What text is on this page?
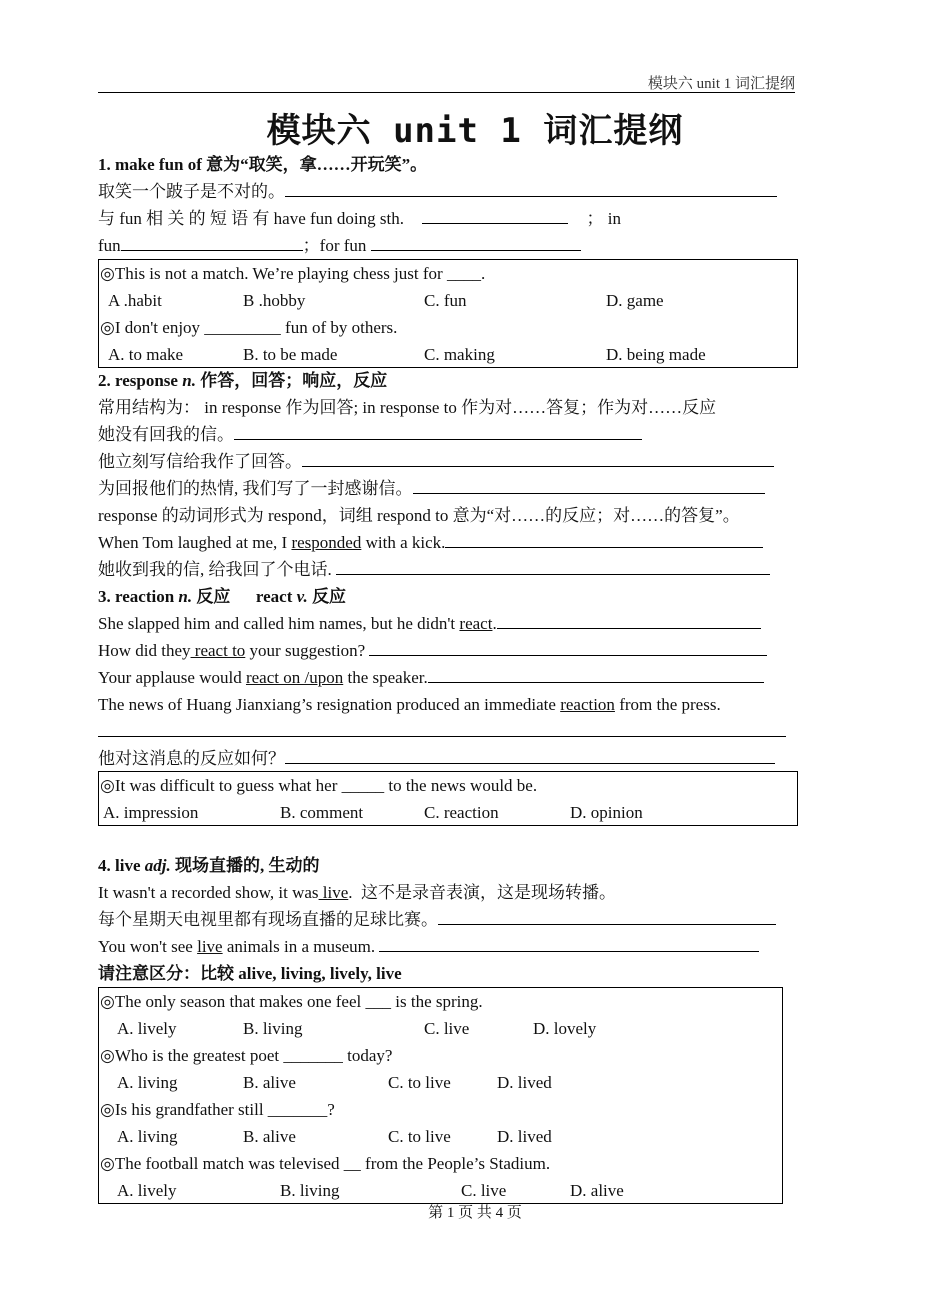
模块六 unit 1 词汇提纲
模块六 unit 1 词汇提纲
1. make fun of 意为“取笑，拿……开玩笑”。
取笑一个跛子是不对的。
与 fun 相 关 的 短 语 有 have fun doing sth.	； in
fun	；for fun
◎This is not a match. We’re playing chess just for ____.
A .habit	B .hobby	C. fun	D. game
◎I don't enjoy _________ fun of by others.
A. to make	B. to be made	C. making	D. being made
2. response n. 作答，回答；响应，反应
常用结构为： in response 作为回答; in response to 作为对……答复；作为对……反应
她没有回我的信。
他立刻写信给我作了回答。
为回报他们的热情, 我们写了一封感谢信。
response 的动词形式为 respond，词组 respond to 意为“对……的反应；对……的答复”。
When Tom laughed at me, I responded with a kick.
她收到我的信, 给我回了个电话.
3. reaction n. 反应      react v. 反应
She slapped him and called him names, but he didn't react.
How did they react to your suggestion?
Your applause would react on /upon the speaker.
The news of Huang Jianxiang’s resignation produced an immediate reaction from the press.
他对这消息的反应如何？
◎It was difficult to guess what her _____ to the news would be.
A. impression	B. comment	C. reaction	D. opinion
4. live adj. 现场直播的, 生动的
It wasn't a recorded show, it was live.  这不是录音表演，这是现场转播。
每个星期天电视里都有现场直播的足球比赛。
You won't see live animals in a museum.
请注意区分：比较 alive, living, lively, live
◎The only season that makes one feel ___ is the spring.
A. lively	B. living	C. live	D. lovely
◎Who is the greatest poet _______ today?
A. living	B. alive	C. to live	D. lived
◎Is his grandfather still _______?
A. living	B. alive	C. to live	D. lived
◎The football match was televised __ from the People’s Stadium.
A. lively	B. living	C. live	D. alive
第 1 页 共 4 页
